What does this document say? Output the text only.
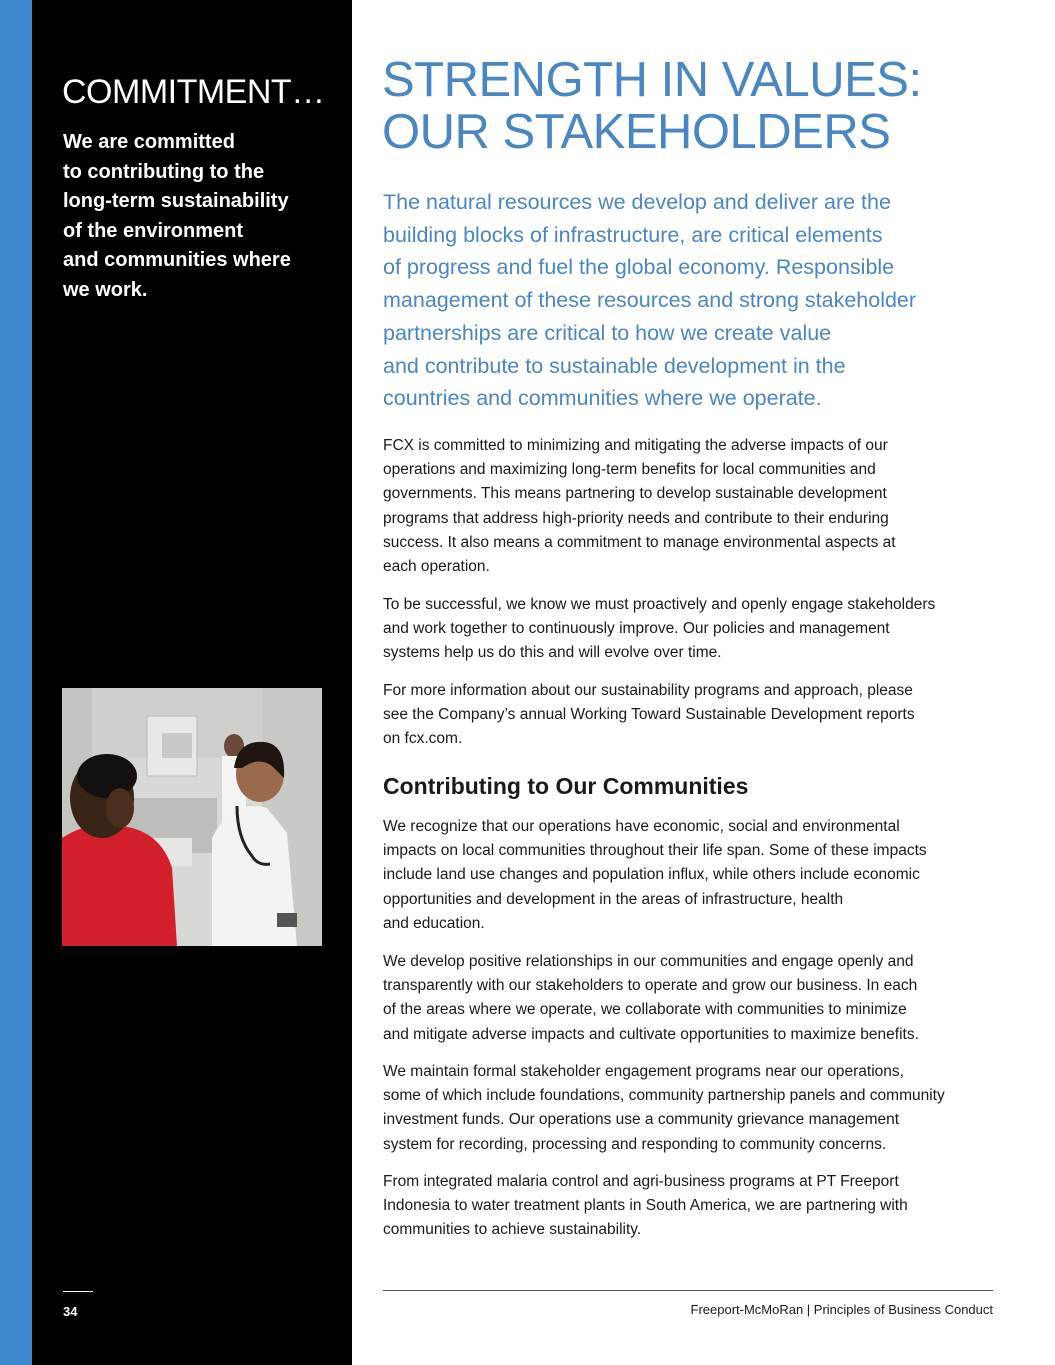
COMMITMENT…

We are committed
to contributing to the
long-term sustainability
of the environment
and communities where
we work.

34

STRENGTH IN VALUES:
OUR STAKEHOLDERS

The natural resources we develop and deliver are the
building blocks of infrastructure, are critical elements
of progress and fuel the global economy. Responsible
management of these resources and strong stakeholder
partnerships are critical to how we create value
and contribute to sustainable development in the
countries and communities where we operate.

FCX is committed to minimizing and mitigating the adverse impacts of our
operations and maximizing long-term benefits for local communities and
governments. This means partnering to develop sustainable development
programs that address high-priority needs and contribute to their enduring
success. It also means a commitment to manage environmental aspects at
each operation.

To be successful, we know we must proactively and openly engage stakeholders
and work together to continuously improve. Our policies and management
systems help us do this and will evolve over time.

For more information about our sustainability programs and approach, please
see the Company’s annual Working Toward Sustainable Development reports
on fcx.com.

Contributing to Our Communities

We recognize that our operations have economic, social and environmental
impacts on local communities throughout their life span. Some of these impacts
include land use changes and population influx, while others include economic
opportunities and development in the areas of infrastructure, health
and education.

We develop positive relationships in our communities and engage openly and
transparently with our stakeholders to operate and grow our business. In each
of the areas where we operate, we collaborate with communities to minimize
and mitigate adverse impacts and cultivate opportunities to maximize benefits.

We maintain formal stakeholder engagement programs near our operations,
some of which include foundations, community partnership panels and community
investment funds. Our operations use a community grievance management
system for recording, processing and responding to community concerns.

From integrated malaria control and agri-business programs at PT Freeport
Indonesia to water treatment plants in South America, we are partnering with
communities to achieve sustainability.

Freeport-McMoRan | Principles of Business Conduct
